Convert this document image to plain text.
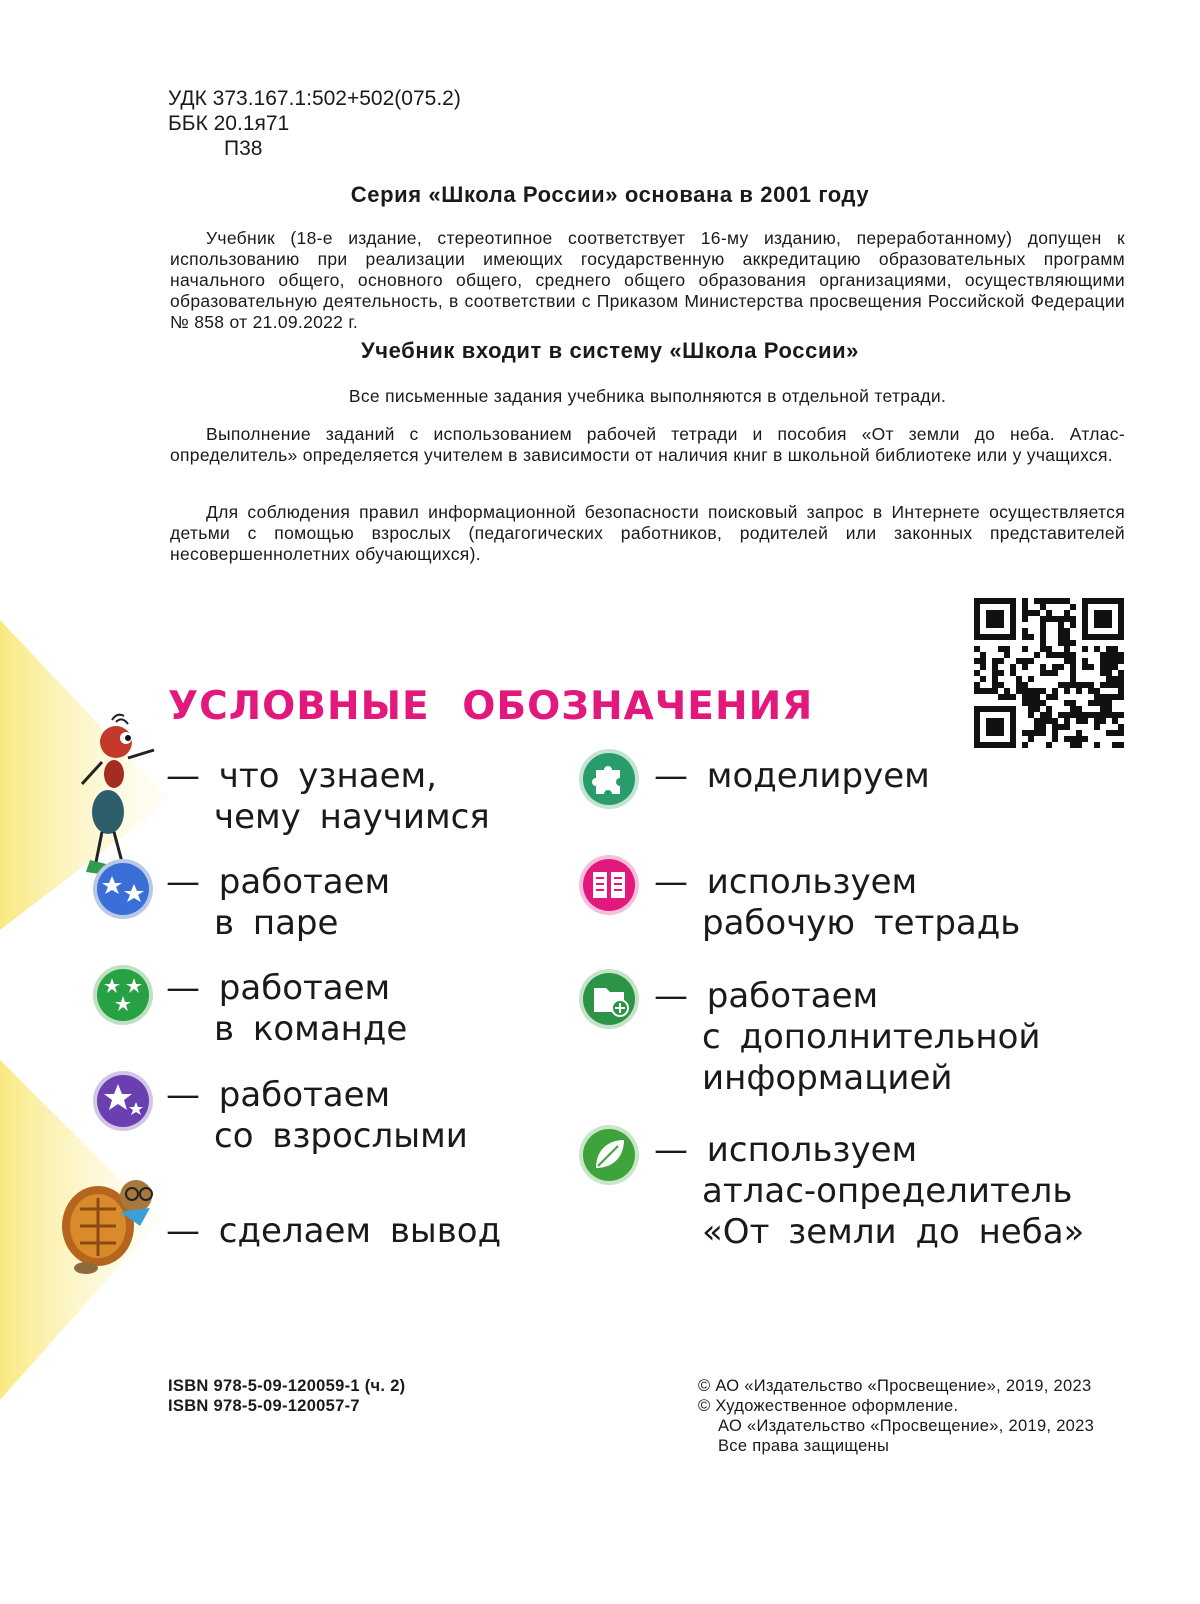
УДК 373.167.1:502+502(075.2)
ББК 20.1я71
П38
Серия «Школа России» основана в 2001 году
Учебник (18-е издание, стереотипное соответствует 16-му изданию, переработанному) допущен к использованию при реализации имеющих государственную аккредитацию образовательных программ начального общего, основного общего, среднего общего образования организациями, осуществляющими образовательную деятельность, в соответствии с Приказом Министерства просвещения Российской Федерации № 858 от 21.09.2022 г.
Учебник входит в систему «Школа России»
Все письменные задания учебника выполняются в отдельной тетради.
Выполнение заданий с использованием рабочей тетради и пособия «От земли до неба. Атлас-определитель» определяется учителем в зависимости от наличия книг в школьной библиотеке или у учащихся.
Для соблюдения правил информационной безопасности поисковый запрос в Интернете осуществляется детьми с помощью взрослых (педагогических работников, родителей или законных представителей несовершеннолетних обучающихся).
УСЛОВНЫЕ ОБОЗНАЧЕНИЯ
— что узнаем,
чему научимся
— работаем
в паре
— работаем
в команде
— работаем
со взрослыми
— сделаем вывод
— моделируем
— используем
рабочую тетрадь
— работаем
с дополнительной
информацией
— используем
атлас-определитель
«От земли до неба»
ISBN 978-5-09-120059-1 (ч. 2)
ISBN 978-5-09-120057-7
© АО «Издательство «Просвещение», 2019, 2023
© Художественное оформление.
АО «Издательство «Просвещение», 2019, 2023
Все права защищены
